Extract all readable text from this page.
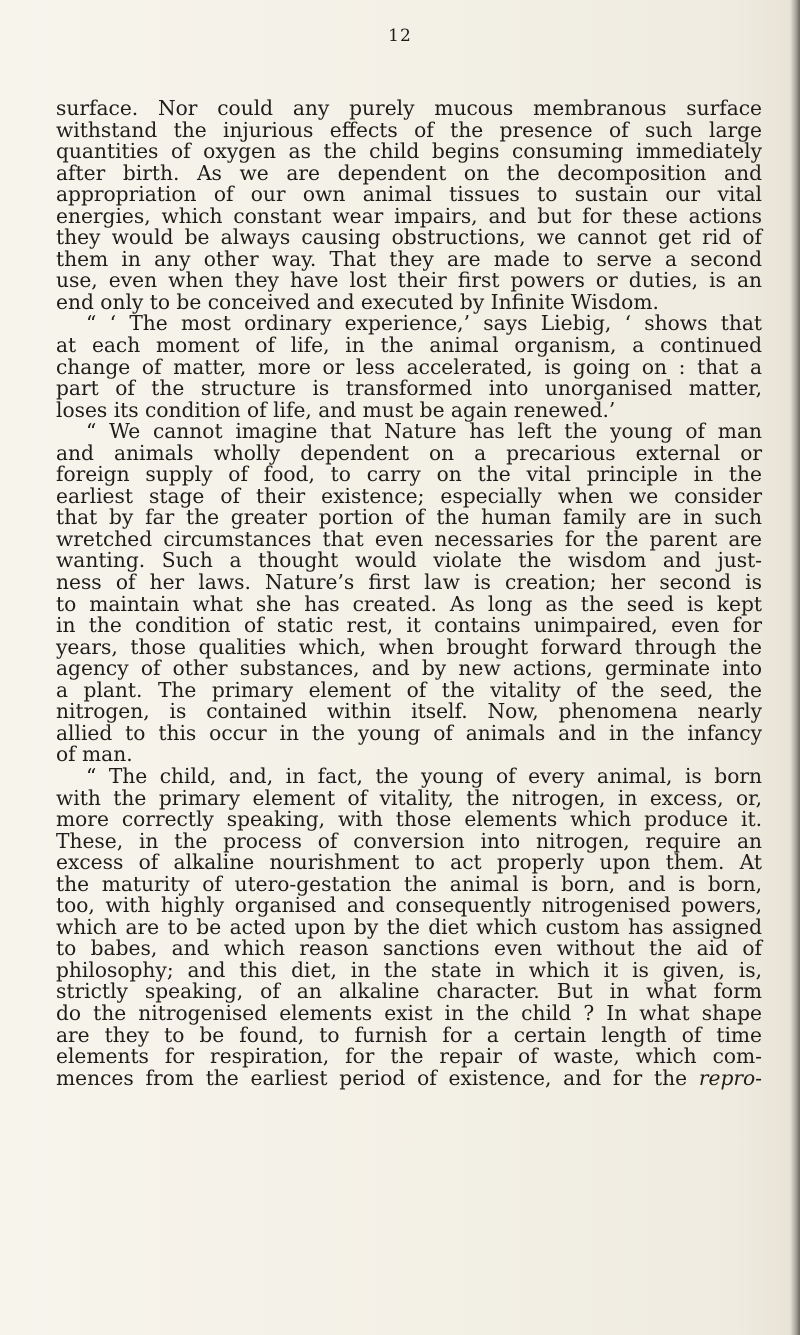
12
surface. Nor could any purely mucous membranous surface
withstand the injurious effects of the presence of such large
quantities of oxygen as the child begins consuming immediately
after birth. As we are dependent on the decomposition and
appropriation of our own animal tissues to sustain our vital
energies, which constant wear impairs, and but for these actions
they would be always causing obstructions, we cannot get rid of
them in any other way. That they are made to serve a second
use, even when they have lost their first powers or duties, is an
end only to be conceived and executed by Infinite Wisdom.
“ ‘ The most ordinary experience,’ says Liebig, ‘ shows that
at each moment of life, in the animal organism, a continued
change of matter, more or less accelerated, is going on : that a
part of the structure is transformed into unorganised matter,
loses its condition of life, and must be again renewed.’
“ We cannot imagine that Nature has left the young of man
and animals wholly dependent on a precarious external or
foreign supply of food, to carry on the vital principle in the
earliest stage of their existence; especially when we consider
that by far the greater portion of the human family are in such
wretched circumstances that even necessaries for the parent are
wanting. Such a thought would violate the wisdom and just-
ness of her laws. Nature’s first law is creation; her second is
to maintain what she has created. As long as the seed is kept
in the condition of static rest, it contains unimpaired, even for
years, those qualities which, when brought forward through the
agency of other substances, and by new actions, germinate into
a plant. The primary element of the vitality of the seed, the
nitrogen, is contained within itself. Now, phenomena nearly
allied to this occur in the young of animals and in the infancy
of man.
“ The child, and, in fact, the young of every animal, is born
with the primary element of vitality, the nitrogen, in excess, or,
more correctly speaking, with those elements which produce it.
These, in the process of conversion into nitrogen, require an
excess of alkaline nourishment to act properly upon them. At
the maturity of utero-gestation the animal is born, and is born,
too, with highly organised and consequently nitrogenised powers,
which are to be acted upon by the diet which custom has assigned
to babes, and which reason sanctions even without the aid of
philosophy; and this diet, in the state in which it is given, is,
strictly speaking, of an alkaline character. But in what form
do the nitrogenised elements exist in the child ? In what shape
are they to be found, to furnish for a certain length of time
elements for respiration, for the repair of waste, which com-
mences from the earliest period of existence, and for the repro-
